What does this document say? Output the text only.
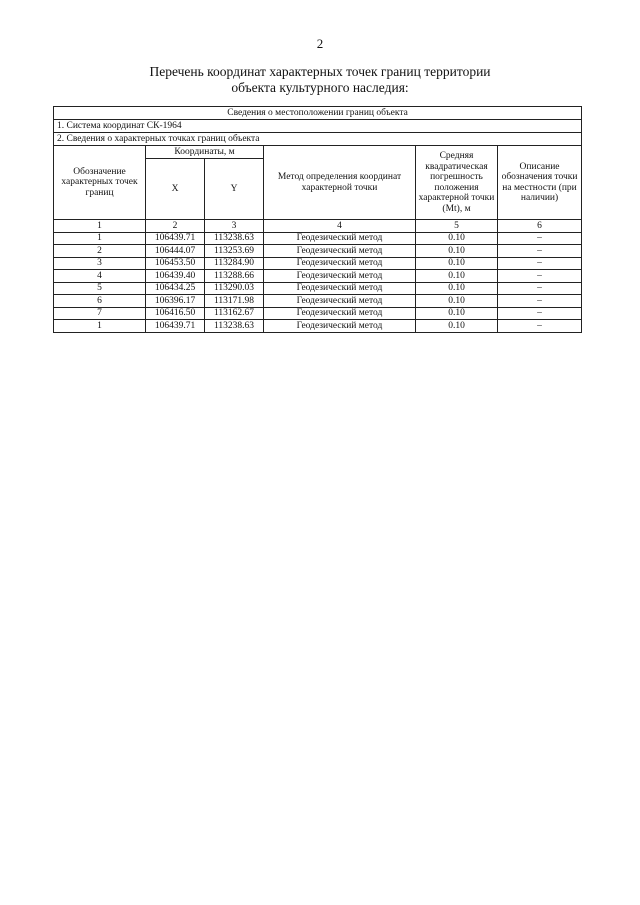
2
Перечень координат характерных точек границ территории
объекта культурного наследия:
Сведения о местоположении границ объекта					
1. Система координат СК-1964					
2. Сведения о характерных точках границ объекта					
Обозначение характерных точек границ	Координаты, м		Метод определения координат характерной точки	Средняя квадратическая погрешность положения характерной точки (Mt), м	Описание обозначения точки на местности (при наличии)
	X	Y			
1	2	3	4	5	6
1	106439.71	113238.63	Геодезический метод	0.10	–
2	106444.07	113253.69	Геодезический метод	0.10	–
3	106453.50	113284.90	Геодезический метод	0.10	–
4	106439.40	113288.66	Геодезический метод	0.10	–
5	106434.25	113290.03	Геодезический метод	0.10	–
6	106396.17	113171.98	Геодезический метод	0.10	–
7	106416.50	113162.67	Геодезический метод	0.10	–
1	106439.71	113238.63	Геодезический метод	0.10	–
